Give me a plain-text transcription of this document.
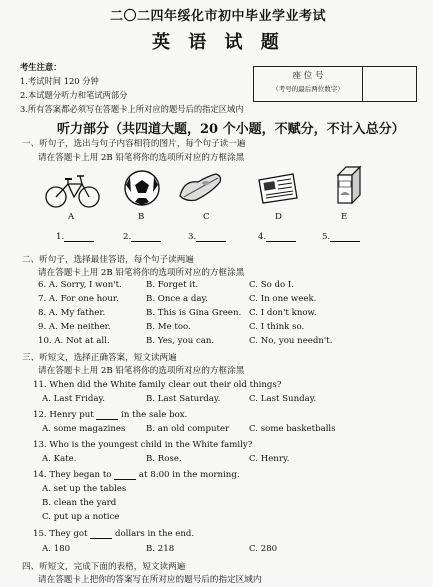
二〇二四年绥化市初中毕业学业考试
英 语 试 题
考生注意：
1.考试时间 120 分钟
2.本试题分听力和笔试两部分
3.所有答案都必须写在答题卡上所对应的题号后的指定区域内
座 位 号
（考号的最后两位数字）
听力部分（共四道大题，20 个小题，不赋分，不计入总分）
一、听句子，选出与句子内容相符的图片，每个句子读一遍
请在答题卡上用 2B 铅笔将你的选项所对应的方框涂黑
A	B	C	D	E
1.	2.	3.	4.	5.
二、听句子，选择最佳答语，每个句子读两遍
请在答题卡上用 2B 铅笔将你的选项所对应的方框涂黑
6. A. Sorry, I won't.	B. Forget it.	C. So do I.
7. A. For one hour.	B. Once a day.	C. In one week.
8. A. My father.	B. This is Gina Green. C. I don't know.
9. A. Me neither.	B. Me too.	C. I think so.
10. A. Not at all.	B. Yes, you can.	C. No, you needn't.
三、听短文，选择正确答案，短文读两遍
请在答题卡上用 2B 铅笔将你的选项所对应的方框涂黑
11. When did the White family clear out their old things?
A. Last Friday.	B. Last Saturday.	C. Last Sunday.
12. Henry put	in the sale box.
A. some magazines B. an old computer C. some basketballs
13. Who is the youngest child in the White family?
A. Kate.	B. Rose.	C. Henry.
14. They began to	at 8:00 in the morning.
A. set up the tables
B. clean the yard
C. put up a notice
15. They got	dollars in the end.
A. 180	B. 218	C. 280
四、听短文，完成下面的表格，短文读两遍
请在答题卡上把你的答案写在所对应的题号后的指定区域内
